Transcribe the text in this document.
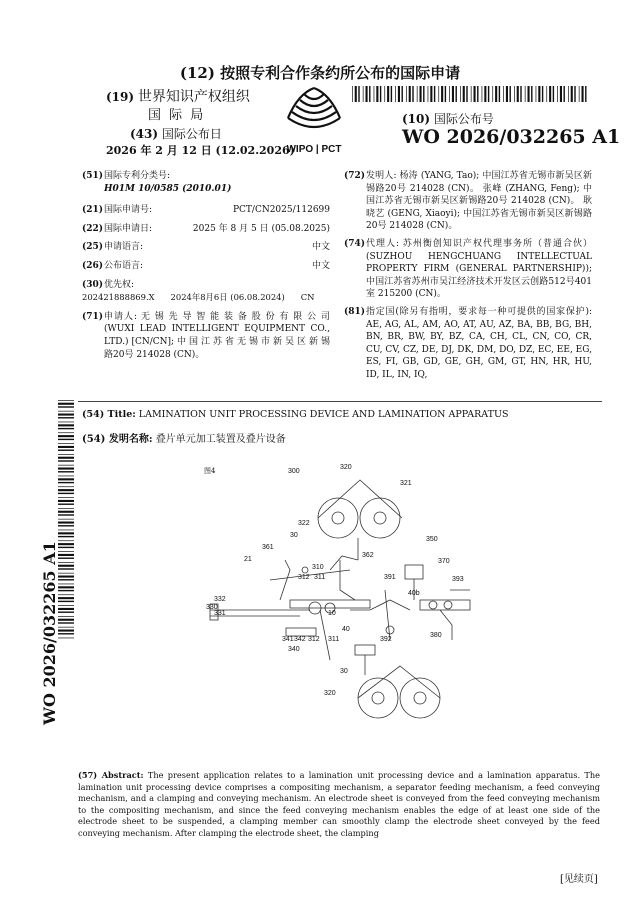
(12) 按照专利合作条约所公布的国际申请
(19) 世界知识产权组织
国 际 局
(43) 国际公布日
2026 年 2 月 12 日 (12.02.2026)
WIPO | PCT
(10) 国际公布号
WO 2026/032265 A1
(51)国际专利分类号:
H01M 10/0585 (2010.01)
(21)国际申请号:	PCT/CN2025/112699
(22)国际申请日:	2025 年 8 月 5 日 (05.08.2025)
(25)申请语言:	中文
(26)公布语言:	中文
(30)优先权:
202421888869.X      2024年8月6日 (06.08.2024)      CN
(71) 申请人: 无 锡 先 导 智 能 装 备 股 份 有 限 公 司 (WUXI LEAD INTELLIGENT EQUIPMENT CO., LTD.) [CN/CN]; 中 国 江 苏 省 无 锡 市 新 吴 区 新 锡路20号 214028 (CN)。
(72) 发明人: 杨涛 (YANG, Tao); 中国江苏省无锡市新吴区新锡路20号 214028 (CN)。 张峰 (ZHANG, Feng); 中国江苏省无锡市新吴区新锡路20号 214028 (CN)。 耿晓艺 (GENG, Xiaoyi); 中国江苏省无锡市新吴区新锡路20号 214028 (CN)。
(74) 代理人: 苏州衡创知识产权代理事务所（普通合伙）(SUZHOU HENGCHUANG INTELLECTUAL PROPERTY FIRM (GENERAL PARTNERSHIP)); 中国江苏省苏州市吴江经济技术开发区云创路512号401室 215200 (CN)。
(81) 指定国(除另有指明，要求每一种可提供的国家保护): AE, AG, AL, AM, AO, AT, AU, AZ, BA, BB, BG, BH, BN, BR, BW, BY, BZ, CA, CH, CL, CN, CO, CR, CU, CV, CZ, DE, DJ, DK, DM, DO, DZ, EC, EE, EG, ES, FI, GB, GD, GE, GH, GM, GT, HN, HR, HU, ID, IL, IN, IQ,
(54) Title: LAMINATION UNIT PROCESSING DEVICE AND LAMINATION APPARATUS
(54) 发明名称: 叠片单元加工装置及叠片设备
WO 2026/032265 A1
图4	300
320
321
322
30
362
361
21
310
312 311
350
370
393
391
40b
332
330
331	10
40
341 342 312 311
340
392
380
30
320
(57) Abstract: The present application relates to a lamination unit processing device and a lamination apparatus. The lamination unit processing device comprises a compositing mechanism, a separator feeding mechanism, a feed conveying mechanism, and a clamping and conveying mechanism. An electrode sheet is conveyed from the feed conveying mechanism to the compositing mechanism, and since the feed conveying mechanism enables the edge of at least one side of the electrode sheet to be suspended, a clamping member can smoothly clamp the electrode sheet conveyed by the feed conveying mechanism. After clamping the electrode sheet, the clamping
[见续页]
